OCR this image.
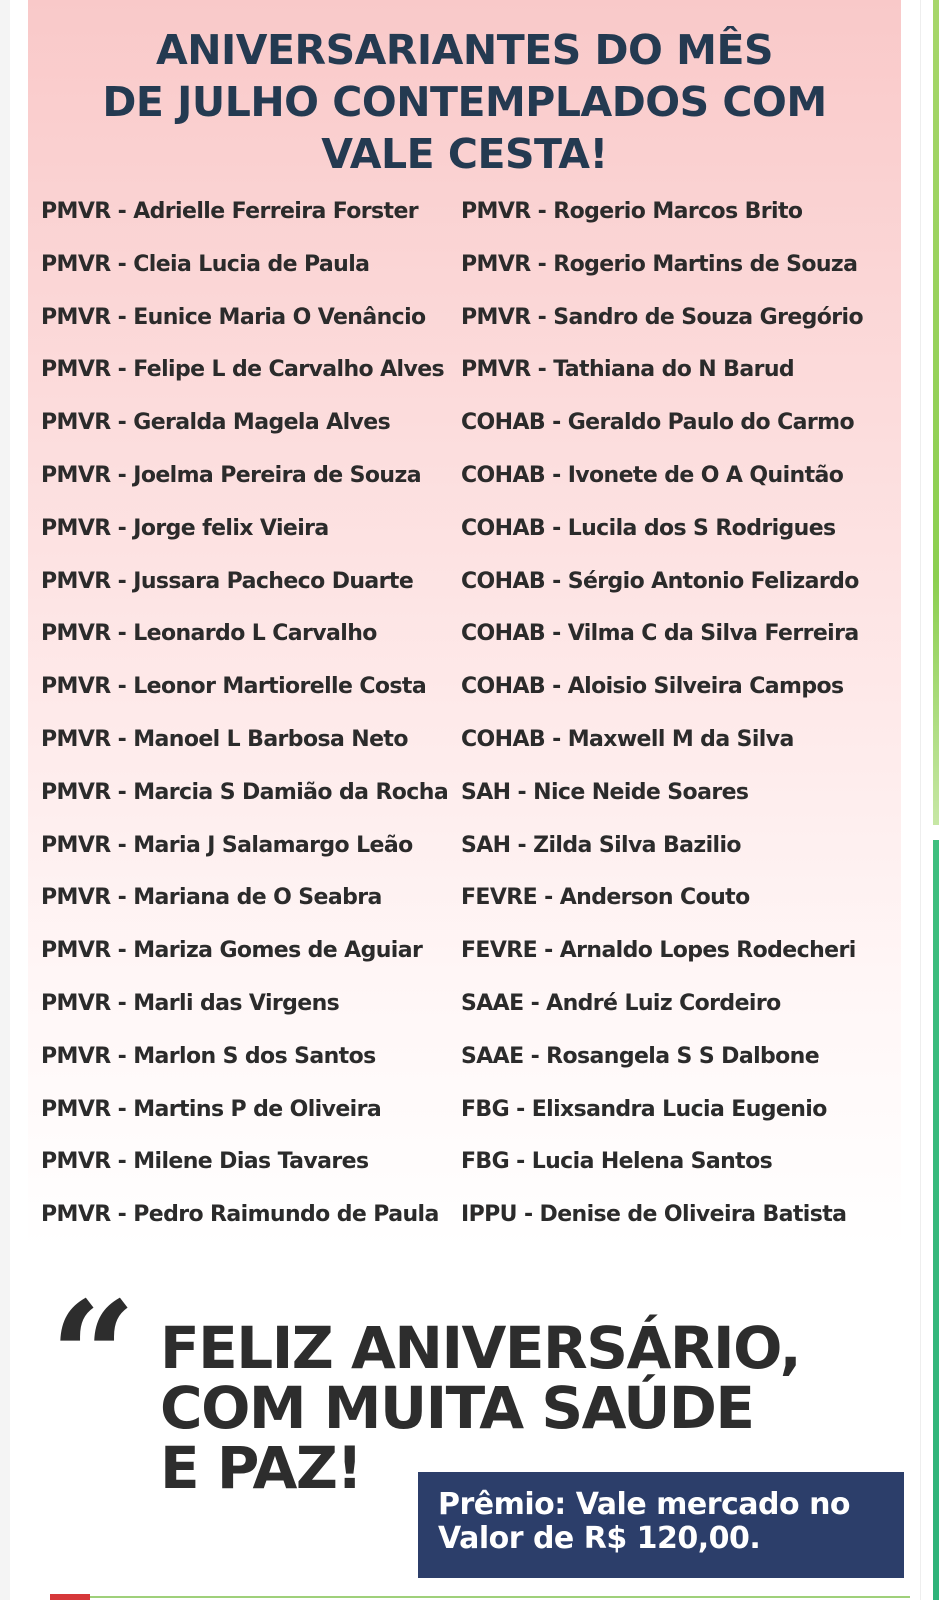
ANIVERSARIANTES DO MÊS
DE JULHO CONTEMPLADOS COM
VALE CESTA!
PMVR - Adrielle Ferreira Forster
PMVR - Cleia Lucia de Paula
PMVR - Eunice Maria O Venâncio
PMVR - Felipe L de Carvalho Alves
PMVR - Geralda Magela Alves
PMVR - Joelma Pereira de Souza
PMVR - Jorge felix Vieira
PMVR - Jussara Pacheco Duarte
PMVR - Leonardo L Carvalho
PMVR - Leonor Martiorelle Costa
PMVR - Manoel L Barbosa Neto
PMVR - Marcia S Damião da Rocha
PMVR - Maria J Salamargo Leão
PMVR - Mariana de O Seabra
PMVR - Mariza Gomes de Aguiar
PMVR - Marli das Virgens
PMVR - Marlon S dos Santos
PMVR - Martins P de Oliveira
PMVR - Milene Dias Tavares
PMVR - Pedro Raimundo de Paula
PMVR - Rogerio Marcos Brito
PMVR - Rogerio Martins de Souza
PMVR - Sandro de Souza Gregório
PMVR - Tathiana do N Barud
COHAB - Geraldo Paulo do Carmo
COHAB - Ivonete de O A Quintão
COHAB - Lucila dos S Rodrigues
COHAB - Sérgio Antonio Felizardo
COHAB - Vilma C da Silva Ferreira
COHAB - Aloisio Silveira Campos
COHAB - Maxwell M da Silva
SAH - Nice Neide Soares
SAH - Zilda Silva Bazilio
FEVRE - Anderson Couto
FEVRE - Arnaldo Lopes Rodecheri
SAAE - André Luiz Cordeiro
SAAE - Rosangela S S Dalbone
FBG - Elixsandra Lucia Eugenio
FBG - Lucia Helena Santos
IPPU - Denise de Oliveira Batista
“ FELIZ ANIVERSÁRIO,
COM MUITA SAÚDE
E PAZ!
Prêmio: Vale mercado no
Valor de R$ 120,00.
